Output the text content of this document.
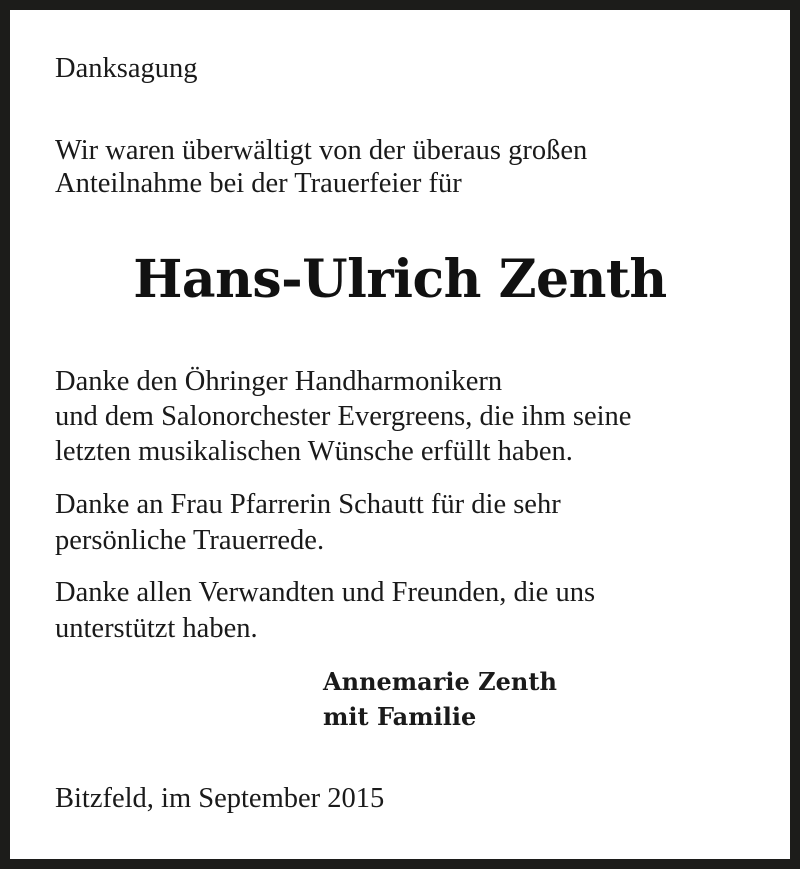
Danksagung
Wir waren überwältigt von der überaus großen
Anteilnahme bei der Trauerfeier für
Hans-Ulrich Zenth
Danke den Öhringer Handharmonikern
und dem Salonorchester Evergreens, die ihm seine
letzten musikalischen Wünsche erfüllt haben.
Danke an Frau Pfarrerin Schautt für die sehr
persönliche Trauerrede.
Danke allen Verwandten und Freunden, die uns
unterstützt haben.
Annemarie Zenth
mit Familie
Bitzfeld, im September 2015
